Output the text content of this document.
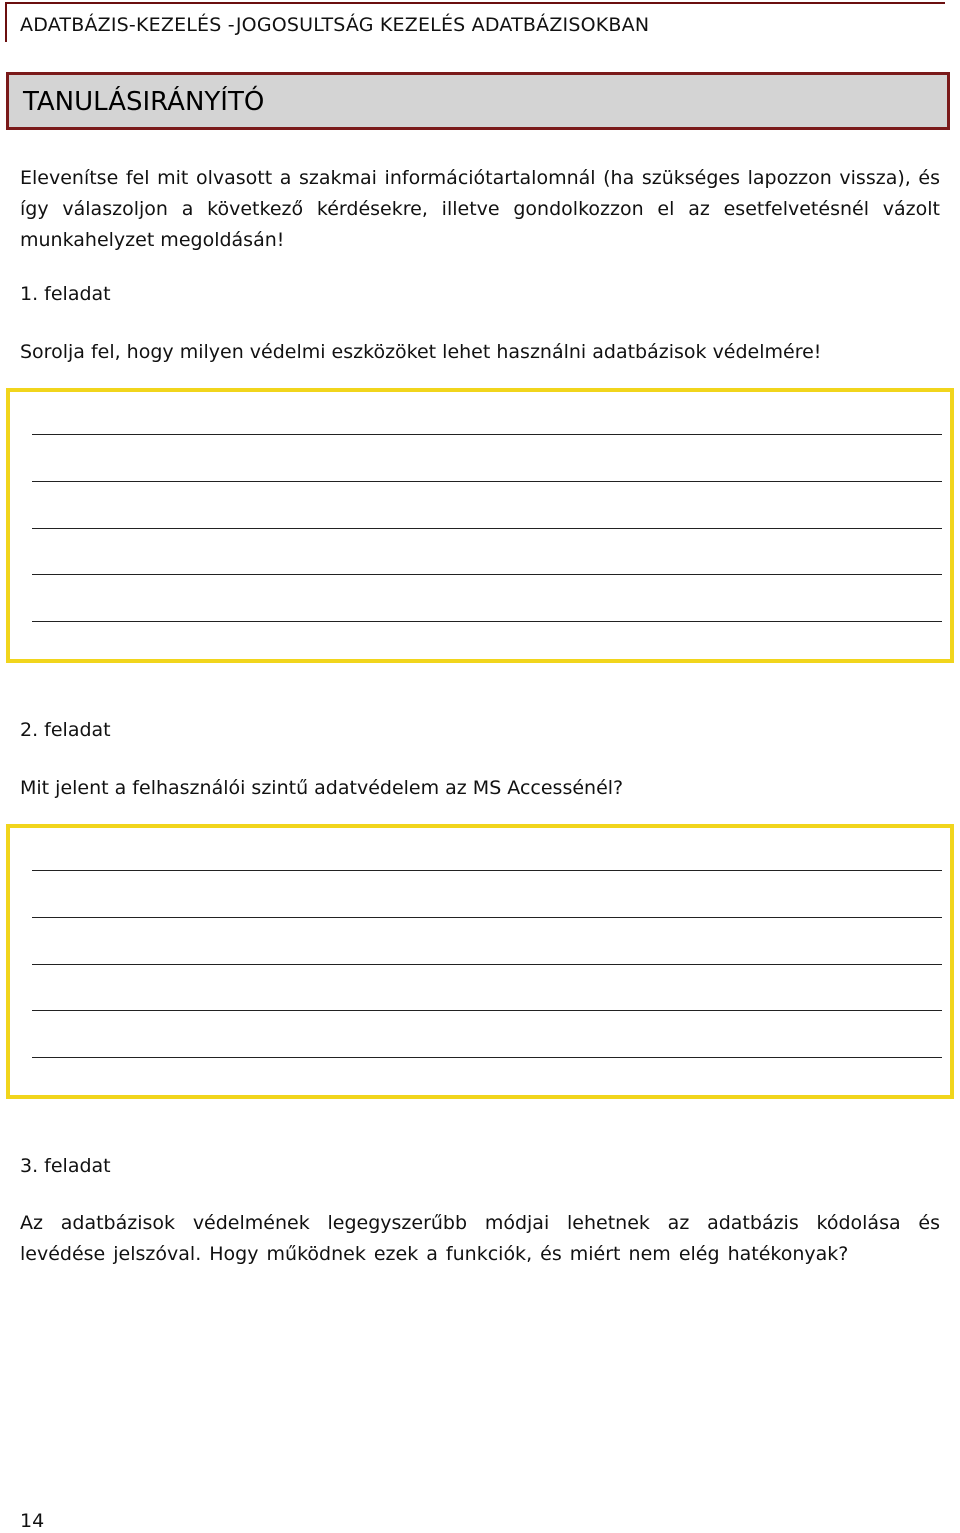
ADATBÁZIS-KEZELÉS -JOGOSULTSÁG KEZELÉS ADATBÁZISOKBAN
TANULÁSIRÁNYÍTÓ
Elevenítse fel mit olvasott a szakmai információtartalomnál (ha szükséges lapozzon vissza), és így válaszoljon a következő kérdésekre, illetve gondolkozzon el az esetfelvetésnél vázolt munkahelyzet megoldásán!
1. feladat
Sorolja fel, hogy milyen védelmi eszközöket lehet használni adatbázisok védelmére!
2. feladat
Mit jelent a felhasználói szintű adatvédelem az MS Accessénél?
3. feladat
Az adatbázisok védelmének legegyszerűbb módjai lehetnek az adatbázis kódolása és levédése jelszóval. Hogy működnek ezek a funkciók, és miért nem elég hatékonyak?
14
